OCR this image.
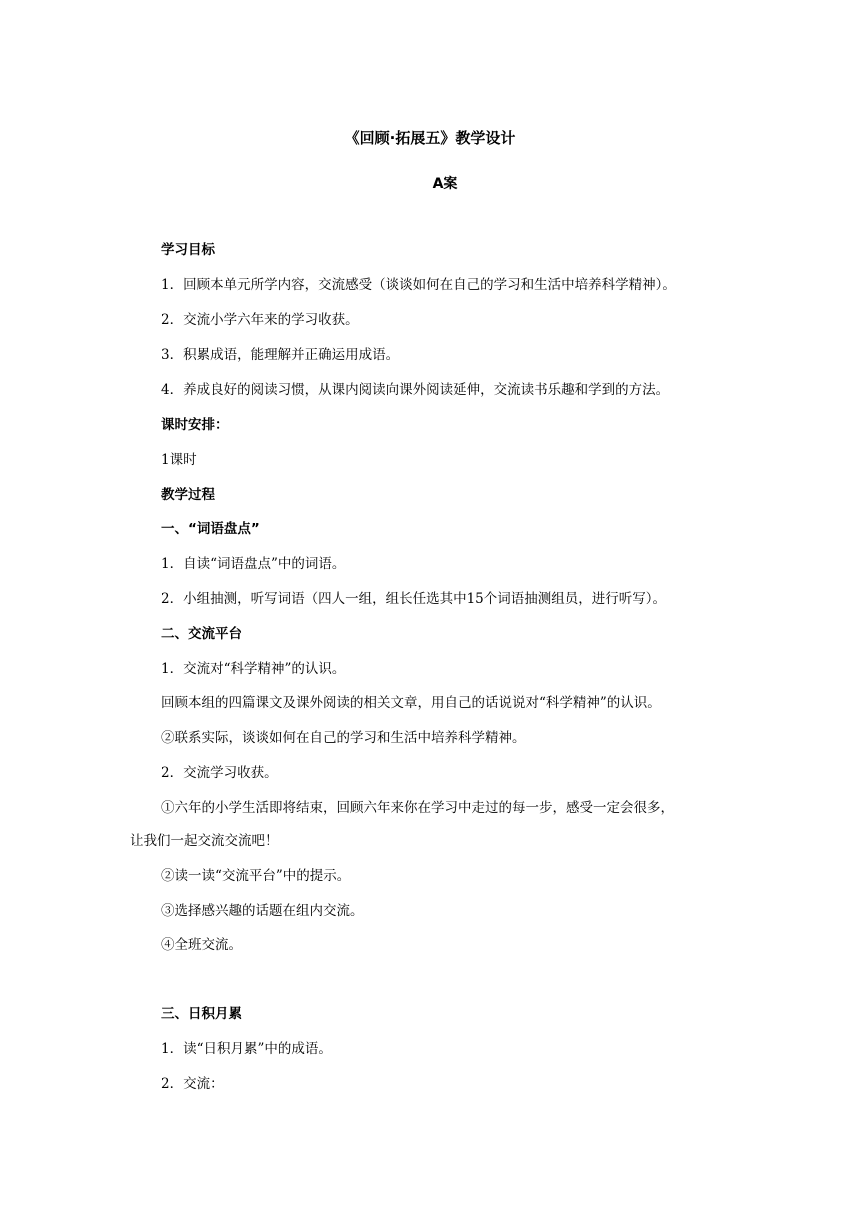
《回顾·拓展五》教学设计
A案
学习目标
1．回顾本单元所学内容，交流感受（谈谈如何在自己的学习和生活中培养科学精神）。
2．交流小学六年来的学习收获。
3．积累成语，能理解并正确运用成语。
4．养成良好的阅读习惯，从课内阅读向课外阅读延伸，交流读书乐趣和学到的方法。
课时安排：
1课时
教学过程
一、“词语盘点”
1．自读“词语盘点”中的词语。
2．小组抽测，听写词语（四人一组，组长任选其中15个词语抽测组员，进行听写）。
二、交流平台
1．交流对“科学精神”的认识。
回顾本组的四篇课文及课外阅读的相关文章，用自己的话说说对“科学精神”的认识。
②联系实际，谈谈如何在自己的学习和生活中培养科学精神。
2．交流学习收获。
①六年的小学生活即将结束，回顾六年来你在学习中走过的每一步，感受一定会很多，
让我们一起交流交流吧！
②读一读“交流平台”中的提示。
③选择感兴趣的话题在组内交流。
④全班交流。
三、日积月累
1．读“日积月累”中的成语。
2．交流：
